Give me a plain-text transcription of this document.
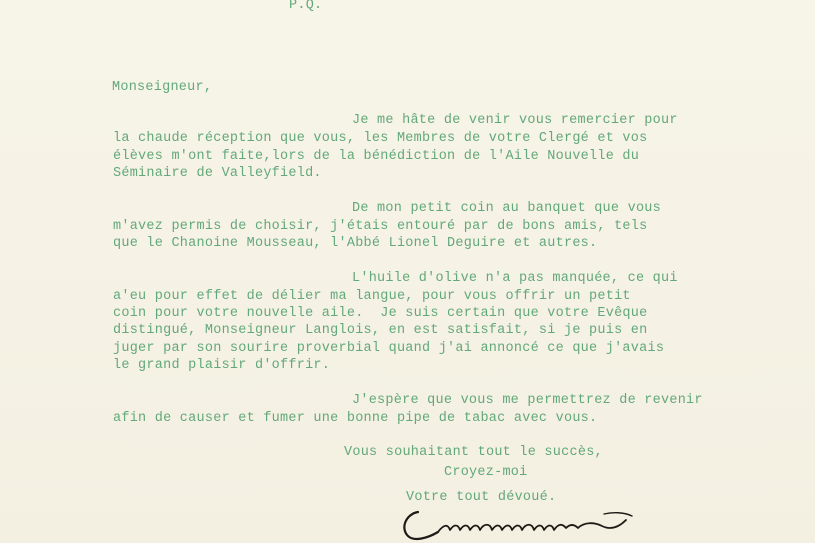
P.Q.

Monseigneur,

Je me hâte de venir vous remercier pour

la chaude réception que vous, les Membres de votre Clergé et vos

élèves m'ont faite,lors de la bénédiction de l'Aile Nouvelle du

Séminaire de Valleyfield.

De mon petit coin au banquet que vous

m'avez permis de choisir, j'étais entouré par de bons amis, tels

que le Chanoine Mousseau, l'Abbé Lionel Deguire et autres.

L'huile d'olive n'a pas manquée, ce qui

a'eu pour effet de délier ma langue, pour vous offrir un petit

coin pour votre nouvelle aile.  Je suis certain que votre Evêque

distingué, Monseigneur Langlois, en est satisfait, si je puis en

juger par son sourire proverbial quand j'ai annoncé ce que j'avais

le grand plaisir d'offrir.

J'espère que vous me permettrez de revenir

afin de causer et fumer une bonne pipe de tabac avec vous.

Vous souhaitant tout le succès,

Croyez-moi

Votre tout dévoué.
